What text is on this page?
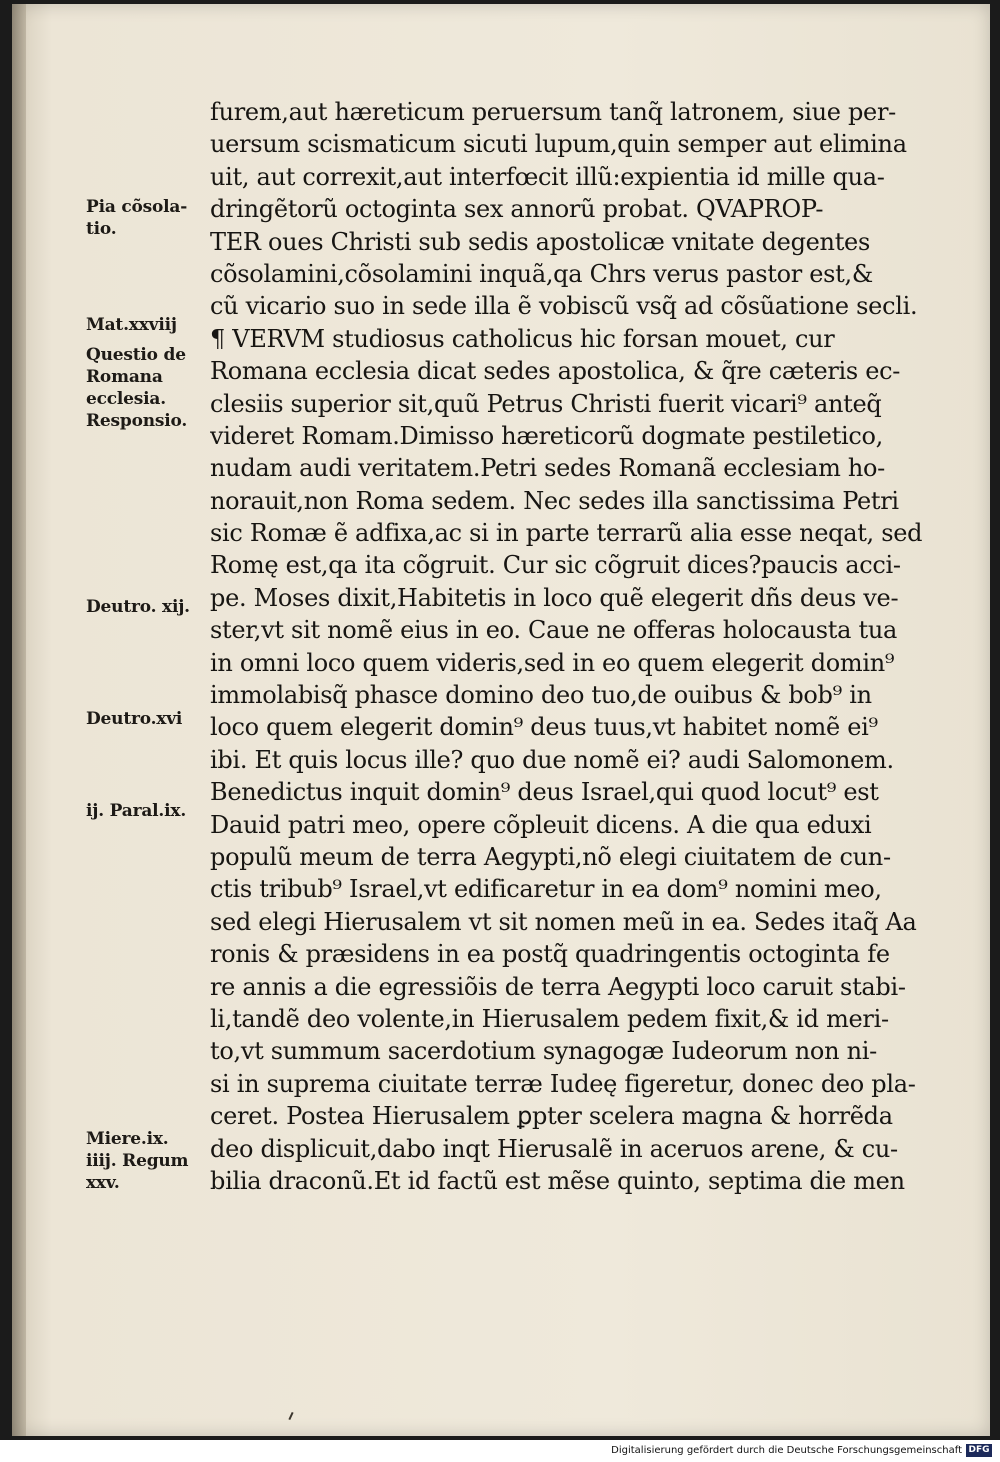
furem,aut hæreticum peruersum tanq̃ latronem, siue per-
uersum scismaticum sicuti lupum,quin semper aut elimina
uit, aut correxit,aut interfœcit illũ:expientia id mille qua-
dringẽtorũ octoginta sex annorũ probat. QVAPROP-
TER oues Christi sub sedis apostolicæ vnitate degentes
cõsolamini,cõsolamini inquã,qa Chrs verus pastor est,&
cũ vicario suo in sede illa ẽ vobiscũ vsq̃ ad cõsũatione secli.
¶ VERVM studiosus catholicus hic forsan mouet, cur
Romana ecclesia dicat sedes apostolica, & q̃re cæteris ec-
clesiis superior sit,quũ Petrus Christi fuerit vicari⁹ anteq̃
videret Romam.Dimisso hæreticorũ dogmate pestiletico,
nudam audi veritatem.Petri sedes Romanã ecclesiam ho-
norauit,non Roma sedem. Nec sedes illa sanctissima Petri
sic Romæ ẽ adfixa,ac si in parte terrarũ alia esse neqat, sed
Romę est,qa ita cõgruit. Cur sic cõgruit dices?paucis acci-
pe. Moses dixit,Habitetis in loco quẽ elegerit dñs deus ve-
ster,vt sit nomẽ eius in eo. Caue ne offeras holocausta tua
in omni loco quem videris,sed in eo quem elegerit domin⁹
immolabisq̃ phasce domino deo tuo,de ouibus & bob⁹ in
loco quem elegerit domin⁹ deus tuus,vt habitet nomẽ ei⁹
ibi. Et quis locus ille? quo due nomẽ ei? audi Salomonem.
Benedictus inquit domin⁹ deus Israel,qui quod locut⁹ est
Dauid patri meo, opere cõpleuit dicens. A die qua eduxi
populũ meum de terra Aegypti,nõ elegi ciuitatem de cun-
ctis tribub⁹ Israel,vt edificaretur in ea dom⁹ nomini meo,
sed elegi Hierusalem vt sit nomen meũ in ea. Sedes itaq̃ Aa
ronis & præsidens in ea postq̃ quadringentis octoginta fe
re annis a die egressiõis de terra Aegypti loco caruit stabi-
li,tandẽ deo volente,in Hierusalem pedem fixit,& id meri-
to,vt summum sacerdotium synagogæ Iudeorum non ni-
si in suprema ciuitate terræ Iudeę figeretur, donec deo pla-
ceret. Postea Hierusalem ꝑpter scelera magna & horrẽda
deo displicuit,dabo inqt Hierusalẽ in aceruos arene, & cu-
bilia draconũ.Et id factũ est mẽse quinto, septima die men
Pia cõsola-
tio.
Mat.xxviij
Questio de
Romana
ecclesia.
Responsio.
Deutro. xij.
Deutro.xvi
ij. Paral.ix.
Miere.ix.
iiij. Regum
xxv.
Digitalisierung gefördert durch die Deutsche Forschungsgemeinschaft DFG
